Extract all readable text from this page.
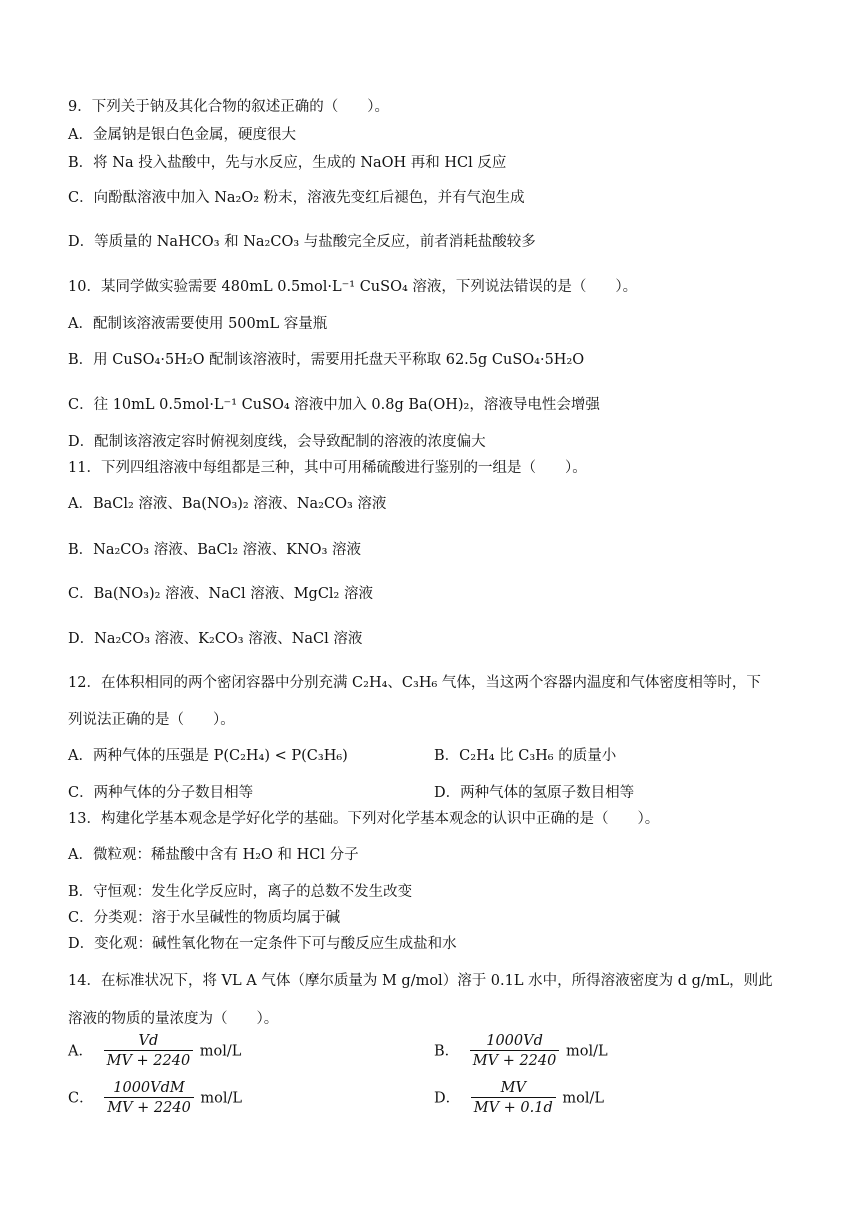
9．下列关于钠及其化合物的叙述正确的（　　）。
A．金属钠是银白色金属，硬度很大
B．将 Na 投入盐酸中，先与水反应，生成的 NaOH 再和 HCl 反应
C．向酚酞溶液中加入 Na₂O₂ 粉末，溶液先变红后褪色，并有气泡生成
D．等质量的 NaHCO₃ 和 Na₂CO₃ 与盐酸完全反应，前者消耗盐酸较多
10．某同学做实验需要 480mL 0.5mol·L⁻¹ CuSO₄ 溶液，下列说法错误的是（　　）。
A．配制该溶液需要使用 500mL 容量瓶
B．用 CuSO₄·5H₂O 配制该溶液时，需要用托盘天平称取 62.5g CuSO₄·5H₂O
C．往 10mL 0.5mol·L⁻¹ CuSO₄ 溶液中加入 0.8g Ba(OH)₂，溶液导电性会增强
D．配制该溶液定容时俯视刻度线，会导致配制的溶液的浓度偏大
11．下列四组溶液中每组都是三种，其中可用稀硫酸进行鉴别的一组是（　　）。
A．BaCl₂ 溶液、Ba(NO₃)₂ 溶液、Na₂CO₃ 溶液
B．Na₂CO₃ 溶液、BaCl₂ 溶液、KNO₃ 溶液
C．Ba(NO₃)₂ 溶液、NaCl 溶液、MgCl₂ 溶液
D．Na₂CO₃ 溶液、K₂CO₃ 溶液、NaCl 溶液
12．在体积相同的两个密闭容器中分别充满 C₂H₄、C₃H₆ 气体，当这两个容器内温度和气体密度相等时，下
列说法正确的是（　　）。
A．两种气体的压强是 P(C₂H₄) < P(C₃H₆)	B．C₂H₄ 比 C₃H₆ 的质量小
C．两种气体的分子数目相等	D．两种气体的氢原子数目相等
13．构建化学基本观念是学好化学的基础。下列对化学基本观念的认识中正确的是（　　）。
A．微粒观：稀盐酸中含有 H₂O 和 HCl 分子
B．守恒观：发生化学反应时，离子的总数不发生改变
C．分类观：溶于水呈碱性的物质均属于碱
D．变化观：碱性氧化物在一定条件下可与酸反应生成盐和水
14．在标准状况下，将 VL A 气体（摩尔质量为 M g/mol）溶于 0.1L 水中，所得溶液密度为 d g/mL，则此
溶液的物质的量浓度为（　　）。
A． $\frac{Vd}{MV + 2240} mol/L$	B． $\frac{1000Vd}{MV + 2240} mol/L$
C． $\frac{\text{1000VdM}}{MV + 2240} mol/L$	D． $\frac{MV}{MV + 0.1d} mol/L$
